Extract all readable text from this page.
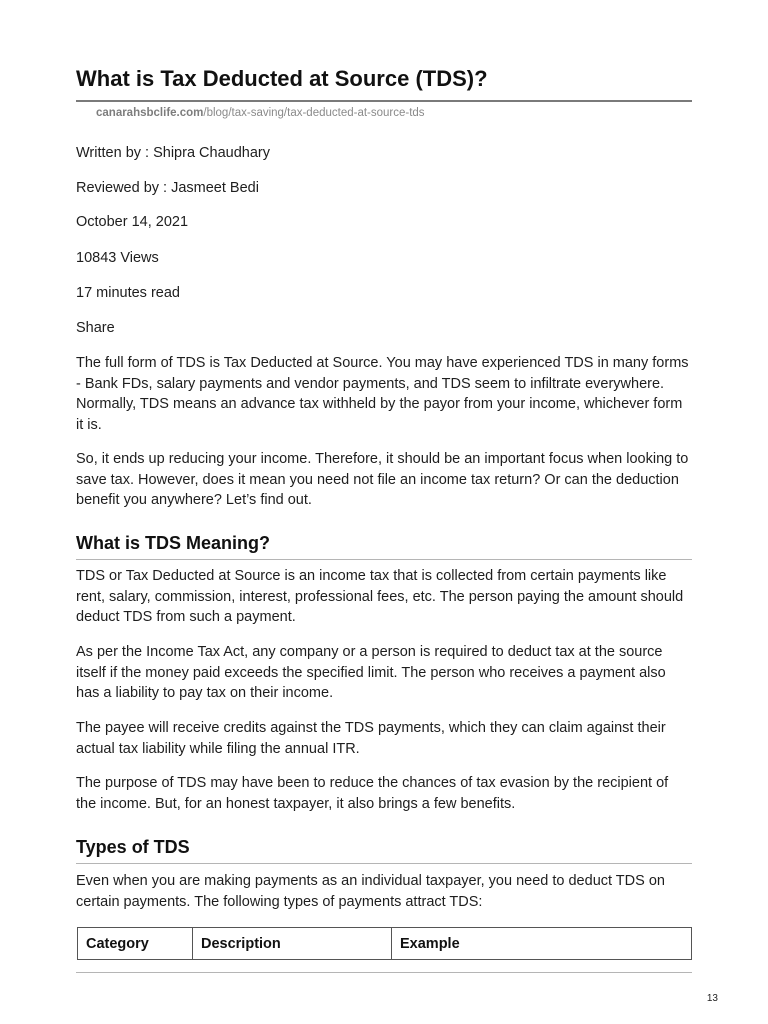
What is Tax Deducted at Source (TDS)?
canarahsbclife.com/blog/tax-saving/tax-deducted-at-source-tds

Written by : Shipra Chaudhary

Reviewed by : Jasmeet Bedi

October 14, 2021

10843 Views

17 minutes read

Share

The full form of TDS is Tax Deducted at Source. You may have experienced TDS in many forms - Bank FDs, salary payments and vendor payments, and TDS seem to infiltrate everywhere. Normally, TDS means an advance tax withheld by the payor from your income, whichever form it is.

So, it ends up reducing your income. Therefore, it should be an important focus when looking to save tax. However, does it mean you need not file an income tax return? Or can the deduction benefit you anywhere? Let’s find out.

What is TDS Meaning?

TDS or Tax Deducted at Source is an income tax that is collected from certain payments like rent, salary, commission, interest, professional fees, etc. The person paying the amount should deduct TDS from such a payment.

As per the Income Tax Act, any company or a person is required to deduct tax at the source itself if the money paid exceeds the specified limit. The person who receives a payment also has a liability to pay tax on their income.

The payee will receive credits against the TDS payments, which they can claim against their actual tax liability while filing the annual ITR.

The purpose of TDS may have been to reduce the chances of tax evasion by the recipient of the income. But, for an honest taxpayer, it also brings a few benefits.

Types of TDS

Even when you are making payments as an individual taxpayer, you need to deduct TDS on certain payments. The following types of payments attract TDS:

Category	Description	Example
13
